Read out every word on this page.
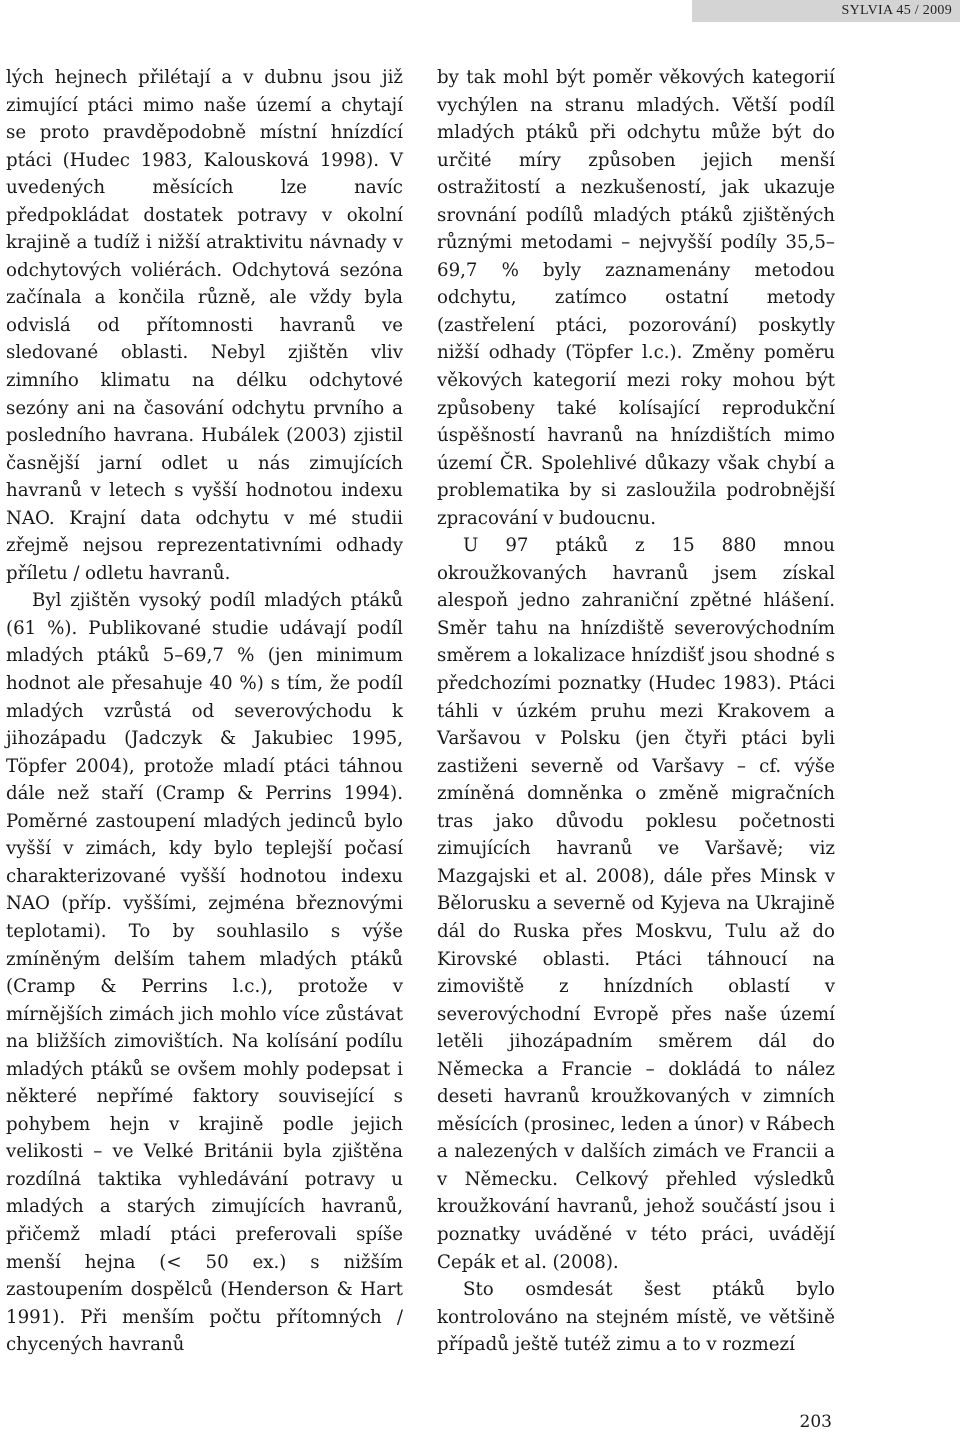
SYLVIA 45 / 2009

lých hejnech přilétají a v dubnu jsou již zimující ptáci mimo naše území a chytají se proto pravděpodobně místní hnízdící ptáci (Hudec 1983, Kalousková 1998). V uvedených měsících lze navíc předpokládat dostatek potravy v okolní krajině a tudíž i nižší atraktivitu návnady v odchytových voliérách. Odchytová sezóna začínala a končila různě, ale vždy byla odvislá od přítomnosti havranů ve sledované oblasti. Nebyl zjištěn vliv zimního klimatu na délku odchytové sezóny ani na časování odchytu prvního a posledního havrana. Hubálek (2003) zjistil časnější jarní odlet u nás zimujících havranů v letech s vyšší hodnotou indexu NAO. Krajní data odchytu v mé studii zřejmě nejsou reprezentativními odhady příletu / odletu havranů.

Byl zjištěn vysoký podíl mladých ptáků (61 %). Publikované studie udávají podíl mladých ptáků 5–69,7 % (jen minimum hodnot ale přesahuje 40 %) s tím, že podíl mladých vzrůstá od severovýchodu k jihozápadu (Jadczyk & Jakubiec 1995, Töpfer 2004), protože mladí ptáci táhnou dále než staří (Cramp & Perrins 1994). Poměrné zastoupení mladých jedinců bylo vyšší v zimách, kdy bylo teplejší počasí charakterizované vyšší hodnotou indexu NAO (příp. vyššími, zejména březnovými teplotami). To by souhlasilo s výše zmíněným delším tahem mladých ptáků (Cramp & Perrins l.c.), protože v mírnějších zimách jich mohlo více zůstávat na bližších zimovištích. Na kolísání podílu mladých ptáků se ovšem mohly podepsat i některé nepřímé faktory související s pohybem hejn v krajině podle jejich velikosti – ve Velké Británii byla zjištěna rozdílná taktika vyhledávání potravy u mladých a starých zimujících havranů, přičemž mladí ptáci preferovali spíše menší hejna (< 50 ex.) s nižším zastoupením dospělců (Henderson & Hart 1991). Při menším počtu přítomných / chycených havranů

by tak mohl být poměr věkových kategorií vychýlen na stranu mladých. Větší podíl mladých ptáků při odchytu může být do určité míry způsoben jejich menší ostražitostí a nezkušeností, jak ukazuje srovnání podílů mladých ptáků zjištěných různými metodami – nejvyšší podíly 35,5–69,7 % byly zaznamenány metodou odchytu, zatímco ostatní metody (zastřelení ptáci, pozorování) poskytly nižší odhady (Töpfer l.c.). Změny poměru věkových kategorií mezi roky mohou být způsobeny také kolísající reprodukční úspěšností havranů na hnízdištích mimo území ČR. Spolehlivé důkazy však chybí a problematika by si zasloužila podrobnější zpracování v budoucnu.

U 97 ptáků z 15 880 mnou okroužkovaných havranů jsem získal alespoň jedno zahraniční zpětné hlášení. Směr tahu na hnízdiště severovýchodním směrem a lokalizace hnízdišť jsou shodné s předchozími poznatky (Hudec 1983). Ptáci táhli v úzkém pruhu mezi Krakovem a Varšavou v Polsku (jen čtyři ptáci byli zastiženi severně od Varšavy – cf. výše zmíněná domněnka o změně migračních tras jako důvodu poklesu početnosti zimujících havranů ve Varšavě; viz Mazgajski et al. 2008), dále přes Minsk v Bělorusku a severně od Kyjeva na Ukrajině dál do Ruska přes Moskvu, Tulu až do Kirovské oblasti. Ptáci táhnoucí na zimoviště z hnízdních oblastí v severovýchodní Evropě přes naše území letěli jihozápadním směrem dál do Německa a Francie – dokládá to nález deseti havranů kroužkovaných v zimních měsících (prosinec, leden a únor) v Rábech a nalezených v dalších zimách ve Francii a v Německu. Celkový přehled výsledků kroužkování havranů, jehož součástí jsou i poznatky uváděné v této práci, uvádějí Cepák et al. (2008).

Sto osmdesát šest ptáků bylo kontrolováno na stejném místě, ve většině případů ještě tutéž zimu a to v rozmezí

203
